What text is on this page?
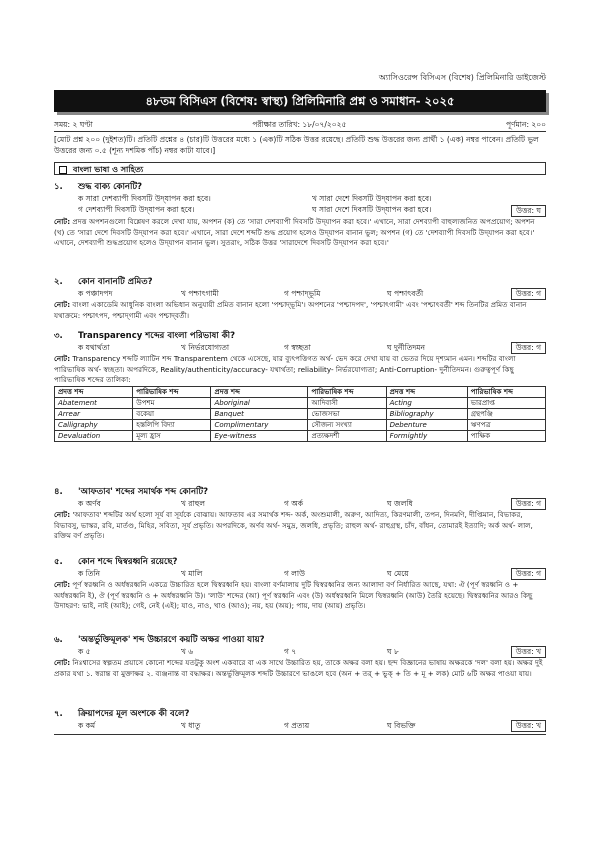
অ্যাসিওরেন্স বিসিএস (বিশেষ) প্রিলিমিনারি ডাইজেস্ট
৪৮তম বিসিএস (বিশেষ: স্বাস্থ্য) প্রিলিমিনারি প্রশ্ন ও সমাধান- ২০২৫
সময়: ২ ঘণ্টা	পরীক্ষার তারিখ: ১৮/০৭/২০২৫	পূর্ণমান: ২০০
[মোট প্রশ্ন ২০০ (দুইশত)টি। প্রতিটি প্রশ্নের ৪ (চার)টি উত্তরের মধ্যে ১ (এক)টি সঠিক উত্তর রয়েছে। প্রতিটি শুদ্ধ উত্তরের জন্য প্রার্থী ১ (এক) নম্বর পাবেন। প্রতিটি ভুল উত্তরের জন্য ০.৫ (শূন্য দশমিক পাঁচ) নম্বর কাটা যাবে।]
বাংলা ভাষা ও সাহিত্য
১. শুদ্ধ বাক্য কোনটি?
ক সারা দেশব্যাপী দিবসটি উদ্‌যাপন করা হবে।	খ সারা দেশে দিবসটি উদ্‌যাপন করা হবে।
গ দেশব্যাপী দিবসটি উদ্‌যাপন করা হবে।	ঘ সারা দেশে দিবসটি উদ্‌যাপন করা হবে।	উত্তর: ঘ
নোট: প্রদত্ত অপশনগুলো বিশ্লেষণ করলে দেখা যায়, অপশন (ক) তে 'সারা দেশব্যাপী দিবসটি উদ্‌যাপন করা হবে।' এখানে, সারা দেশব্যাপী বাহুল্যজনিত অপপ্রয়োগ; অপশন (খ) তে 'সারা দেশে দিবসটি উদ্‌যাপন করা হবে।' এখানে, সারা দেশে শব্দটি শুদ্ধ প্রয়োগ হলেও উদ্‌যাপন বানান ভুল; অপশন (গ) তে 'দেশব্যাপী দিবসটি উদ্‌যাপন করা হবে।' এখানে, দেশব্যাপী শুদ্ধপ্রয়োগ হলেও উদ্‌যাপন বানান ভুল। সুতরাং, সঠিক উত্তর 'সারাদেশে দিবসটি উদ্‌যাপন করা হবে।'
২. কোন বানানটি প্রমিত?
ক পঞ্চাদপদ	খ পশ্চাৎগামী	গ পশ্চাদ্‌ভূমি	ঘ পশ্চাৎবর্তী	উত্তর: গ
নোট: বাংলা একাডেমি আধুনিক বাংলা অভিধান অনুযায়ী প্রমিত বানান হলো 'পশ্চাদ্‌ভূমি'। অপশনের 'পশ্চাদপদ', 'পশ্চাৎগামী' এবং 'পশ্চাৎবর্তী' শব্দ তিনটির প্রমিত বানান যথাক্রমে: পশ্চাৎপদ, পশ্চাদ্‌গামী এবং পশ্চাদ্‌বর্তী।
৩. Transparency শব্দের বাংলা পরিভাষা কী?
ক যথার্থতা	খ নির্ভরযোগ্যতা	গ স্বচ্ছতা	ঘ দুর্নীতিদমন	উত্তর: গ
নোট: Transparency শব্দটি ল্যাটিন শব্দ Transparentem থেকে এসেছে, যার ব্যুৎপত্তিগত অর্থ- ভেদ করে দেখা যায় বা ভেতর দিয়ে দৃশ্যমান এমন। শব্দটির বাংলা পারিভাষিক অর্থ- স্বচ্ছতা। অপরদিকে, Reality/authenticity/accuracy- যথার্থতা; reliability- নির্ভরযোগ্যতা; Anti-Corruption- দুর্নীতিদমন। গুরুত্বপূর্ণ কিছু পারিভাষিক শব্দের তালিকা:
প্রদত্ত শব্দ	পারিভাষিক শব্দ	প্রদত্ত শব্দ	পারিভাষিক শব্দ	প্রদত্ত শব্দ	পারিভাষিক শব্দ
Abatement	উপশম	Aboriginal	আদিবাসী	Acting	ভারপ্রাপ্ত
Arrear	বকেয়া	Banquet	ভোজসভা	Bibliography	গ্রন্থপঞ্জি
Calligraphy	হস্তলিপি বিদ্যা	Complimentary	সৌজন্য সংখ্যা	Debenture	ঋণপত্র
Devaluation	মূল্য হ্রাস	Eye-witness	প্রত্যক্ষদর্শী	Formightly	পাক্ষিক
৪. 'আফতাব' শব্দের সমার্থক শব্দ কোনটি?
ক অর্ণব	খ রাহুল	গ অর্ক	ঘ জলধি	উত্তর: গ
নোট: 'আফতাব' শব্দটির অর্থ হলো সূর্য বা সূর্যকে বোঝায়। আফতাব এর সমার্থক শব্দ- অর্ক, অংশুমালী, অরুণ, আদিত্য, কিরণমালী, তপন, দিনমণি, দীপ্তিমান, বিভাকর, বিভাবসু, ভাস্কর, রবি, মার্তণ্ড, মিহির, সবিতা, সূর্য প্রভৃতি। অপরদিকে, অর্ণব অর্থ- সমুদ্র, জলধি, প্রভৃতি; রাহুল অর্থ- রাহুগ্রস্থ, চাঁদ, বাঁধন, তোমারই ইত্যাদি; অর্ক অর্থ- লাল, রক্তিম বর্ণ প্রভৃতি।
৫. কোন শব্দে দ্বিস্বরধ্বনি রয়েছে?
ক তিনি	খ মালি	গ লাউ	ঘ মেয়ে	উত্তর: গ
নোট: পূর্ণ স্বরধ্বনি ও অর্ধস্বরধ্বনি একত্রে উচ্চারিত হলে দ্বিস্বরধ্বনি হয়। বাংলা বর্ণমালায় দুটি দ্বিস্বরধ্বনির জন্য আলাদা বর্ণ নির্ধারিত আছে, যথা: ঐ (পূর্ণ স্বরধ্বনি ও + অর্ধস্বরধ্বনি ই), ঔ (পূর্ণ স্বরধ্বনি ও + অর্ধস্বরধ্বনি উ)। 'লাউ' শব্দের (আ) পূর্ণ স্বরধ্বনি এবং (উ) অর্ধস্বরধ্বনি মিলে দ্বিস্বরধ্বনি (আউ) তৈরি হয়েছে। দ্বিস্বরধ্বনির আরও কিছু উদাহরণ: ভাই, নাই (আই); গেই, নেই (এই); যাও, নাও, খাও (আও); নয়, হয় (অয়); পায়, দায় (আয়) প্রভৃতি।
৬. 'অন্তর্ভুক্তিমূলক' শব্দ উচ্চারণে কয়টি অক্ষর পাওয়া যায়?
ক ৫	খ ৬	গ ৭	ঘ ৮	উত্তর: খ
নোট: নিঃশ্বাসের স্বল্পতম প্রয়াসে কোনো শব্দের যতটুকু অংশ একবারে বা এক সাথে উচ্চারিত হয়, তাকে অক্ষর বলা হয়। ছন্দ বিজ্ঞানের ভাষায় অক্ষরকে 'দল' বলা হয়। অক্ষর দুই প্রকার যথা ১. স্বরান্ত বা মুক্তাক্ষর ২. ব্যঞ্জনান্ত বা বদ্ধাক্ষর। অন্তর্ভুক্তিমূলক শব্দটি উচ্চারণে ভাঙলে হবে (অন + তর্ + ভুক্ + তি + মূ + লক) মোট ৬টি অক্ষর পাওয়া যায়।
৭. ক্রিয়াপদের মূল অংশকে কী বলে?
ক কর্ম	খ ধাতু	গ প্রত্যয়	ঘ বিভক্তি	উত্তর: খ
